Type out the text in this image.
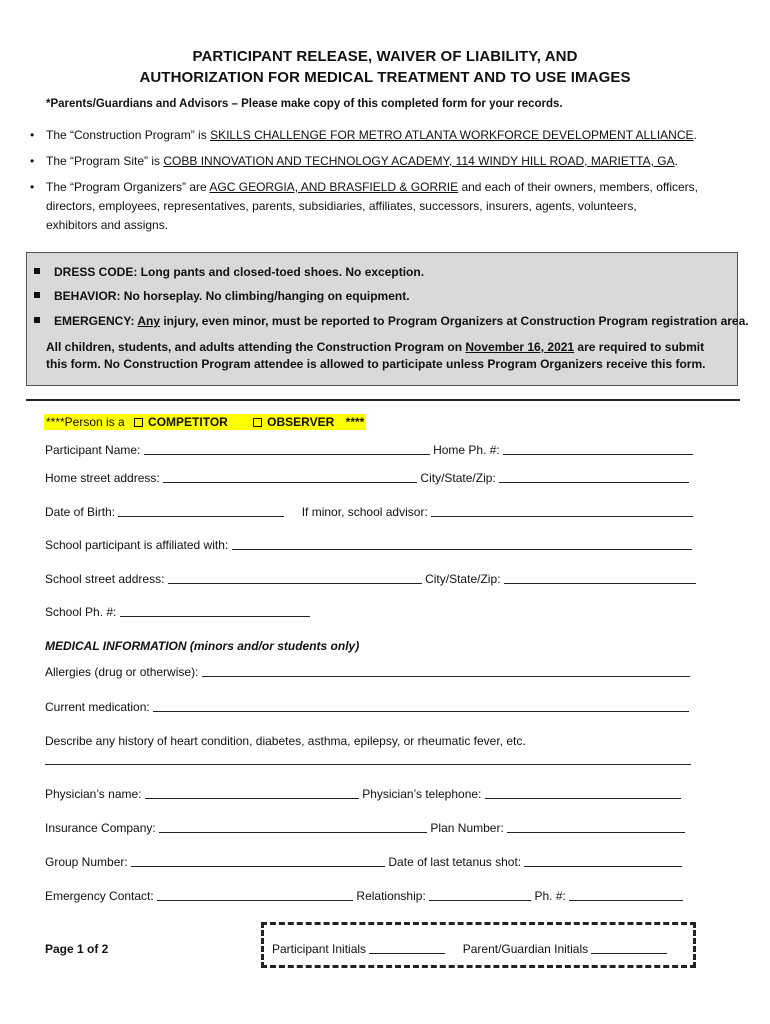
PARTICIPANT RELEASE, WAIVER OF LIABILITY, AND
AUTHORIZATION FOR MEDICAL TREATMENT AND TO USE IMAGES
*Parents/Guardians and Advisors – Please make copy of this completed form for your records.
• The “Construction Program” is SKILLS CHALLENGE FOR METRO ATLANTA WORKFORCE DEVELOPMENT ALLIANCE.
• The “Program Site” is COBB INNOVATION AND TECHNOLOGY ACADEMY, 114 WINDY HILL ROAD, MARIETTA, GA.
• The “Program Organizers” are AGC GEORGIA, AND BRASFIELD & GORRIE and each of their owners, members, officers,
directors, employees, representatives, parents, subsidiaries, affiliates, successors, insurers, agents, volunteers,
exhibitors and assigns.
DRESS CODE: Long pants and closed-toed shoes. No exception.
BEHAVIOR: No horseplay. No climbing/hanging on equipment.
EMERGENCY: Any injury, even minor, must be reported to Program Organizers at Construction Program registration area.
All children, students, and adults attending the Construction Program on November 16, 2021 are required to submit
this form. No Construction Program attendee is allowed to participate unless Program Organizers receive this form.
****Person is a COMPETITOR	OBSERVER ****
Participant Name:	Home Ph. #:
Home street address:	City/State/Zip:
Date of Birth:	If minor, school advisor:
School participant is affiliated with:
School street address:	City/State/Zip:
School Ph. #:
MEDICAL INFORMATION (minors and/or students only)
Allergies (drug or otherwise):
Current medication:
Describe any history of heart condition, diabetes, asthma, epilepsy, or rheumatic fever, etc.
Physician’s name:	Physician’s telephone:
Insurance Company:	Plan Number:
Group Number:	Date of last tetanus shot:
Emergency Contact:	Relationship:	Ph. #:
Page 1 of 2	Participant Initials	Parent/Guardian Initials
